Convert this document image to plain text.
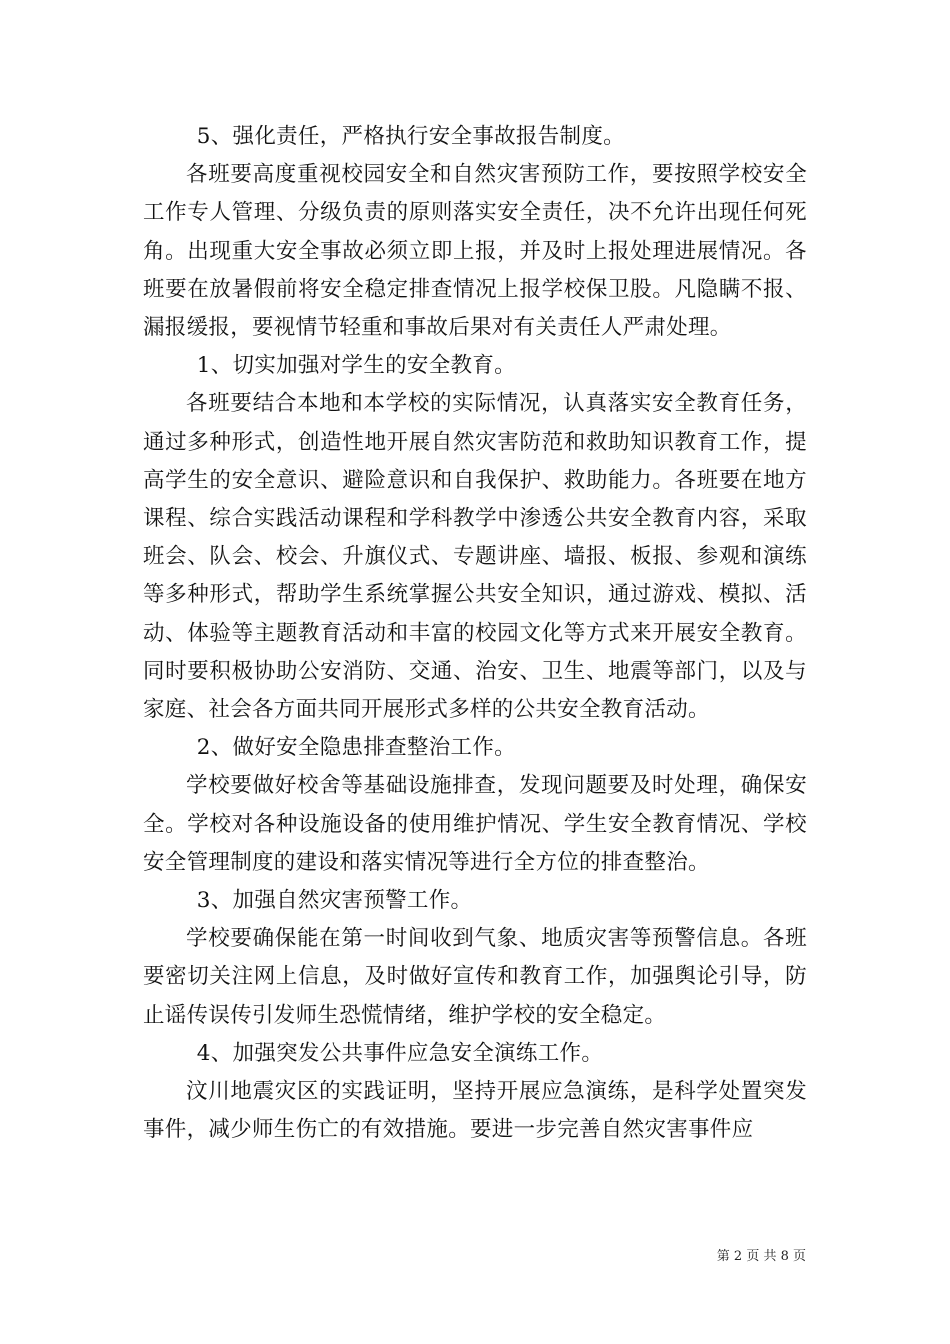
5、强化责任，严格执行安全事故报告制度。

各班要高度重视校园安全和自然灾害预防工作，要按照学校安全工作专人管理、分级负责的原则落实安全责任，决不允许出现任何死角。出现重大安全事故必须立即上报，并及时上报处理进展情况。各班要在放暑假前将安全稳定排查情况上报学校保卫股。凡隐瞒不报、漏报缓报，要视情节轻重和事故后果对有关责任人严肃处理。

1、切实加强对学生的安全教育。

各班要结合本地和本学校的实际情况，认真落实安全教育任务，通过多种形式，创造性地开展自然灾害防范和救助知识教育工作，提高学生的安全意识、避险意识和自我保护、救助能力。各班要在地方课程、综合实践活动课程和学科教学中渗透公共安全教育内容，采取班会、队会、校会、升旗仪式、专题讲座、墙报、板报、参观和演练等多种形式，帮助学生系统掌握公共安全知识，通过游戏、模拟、活动、体验等主题教育活动和丰富的校园文化等方式来开展安全教育。同时要积极协助公安消防、交通、治安、卫生、地震等部门，以及与家庭、社会各方面共同开展形式多样的公共安全教育活动。

2、做好安全隐患排查整治工作。

学校要做好校舍等基础设施排查，发现问题要及时处理，确保安全。学校对各种设施设备的使用维护情况、学生安全教育情况、学校安全管理制度的建设和落实情况等进行全方位的排查整治。

3、加强自然灾害预警工作。

学校要确保能在第一时间收到气象、地质灾害等预警信息。各班要密切关注网上信息，及时做好宣传和教育工作，加强舆论引导，防止谣传误传引发师生恐慌情绪，维护学校的安全稳定。

4、加强突发公共事件应急安全演练工作。

汶川地震灾区的实践证明，坚持开展应急演练，是科学处置突发事件，减少师生伤亡的有效措施。要进一步完善自然灾害事件应

第 2 页 共 8 页
